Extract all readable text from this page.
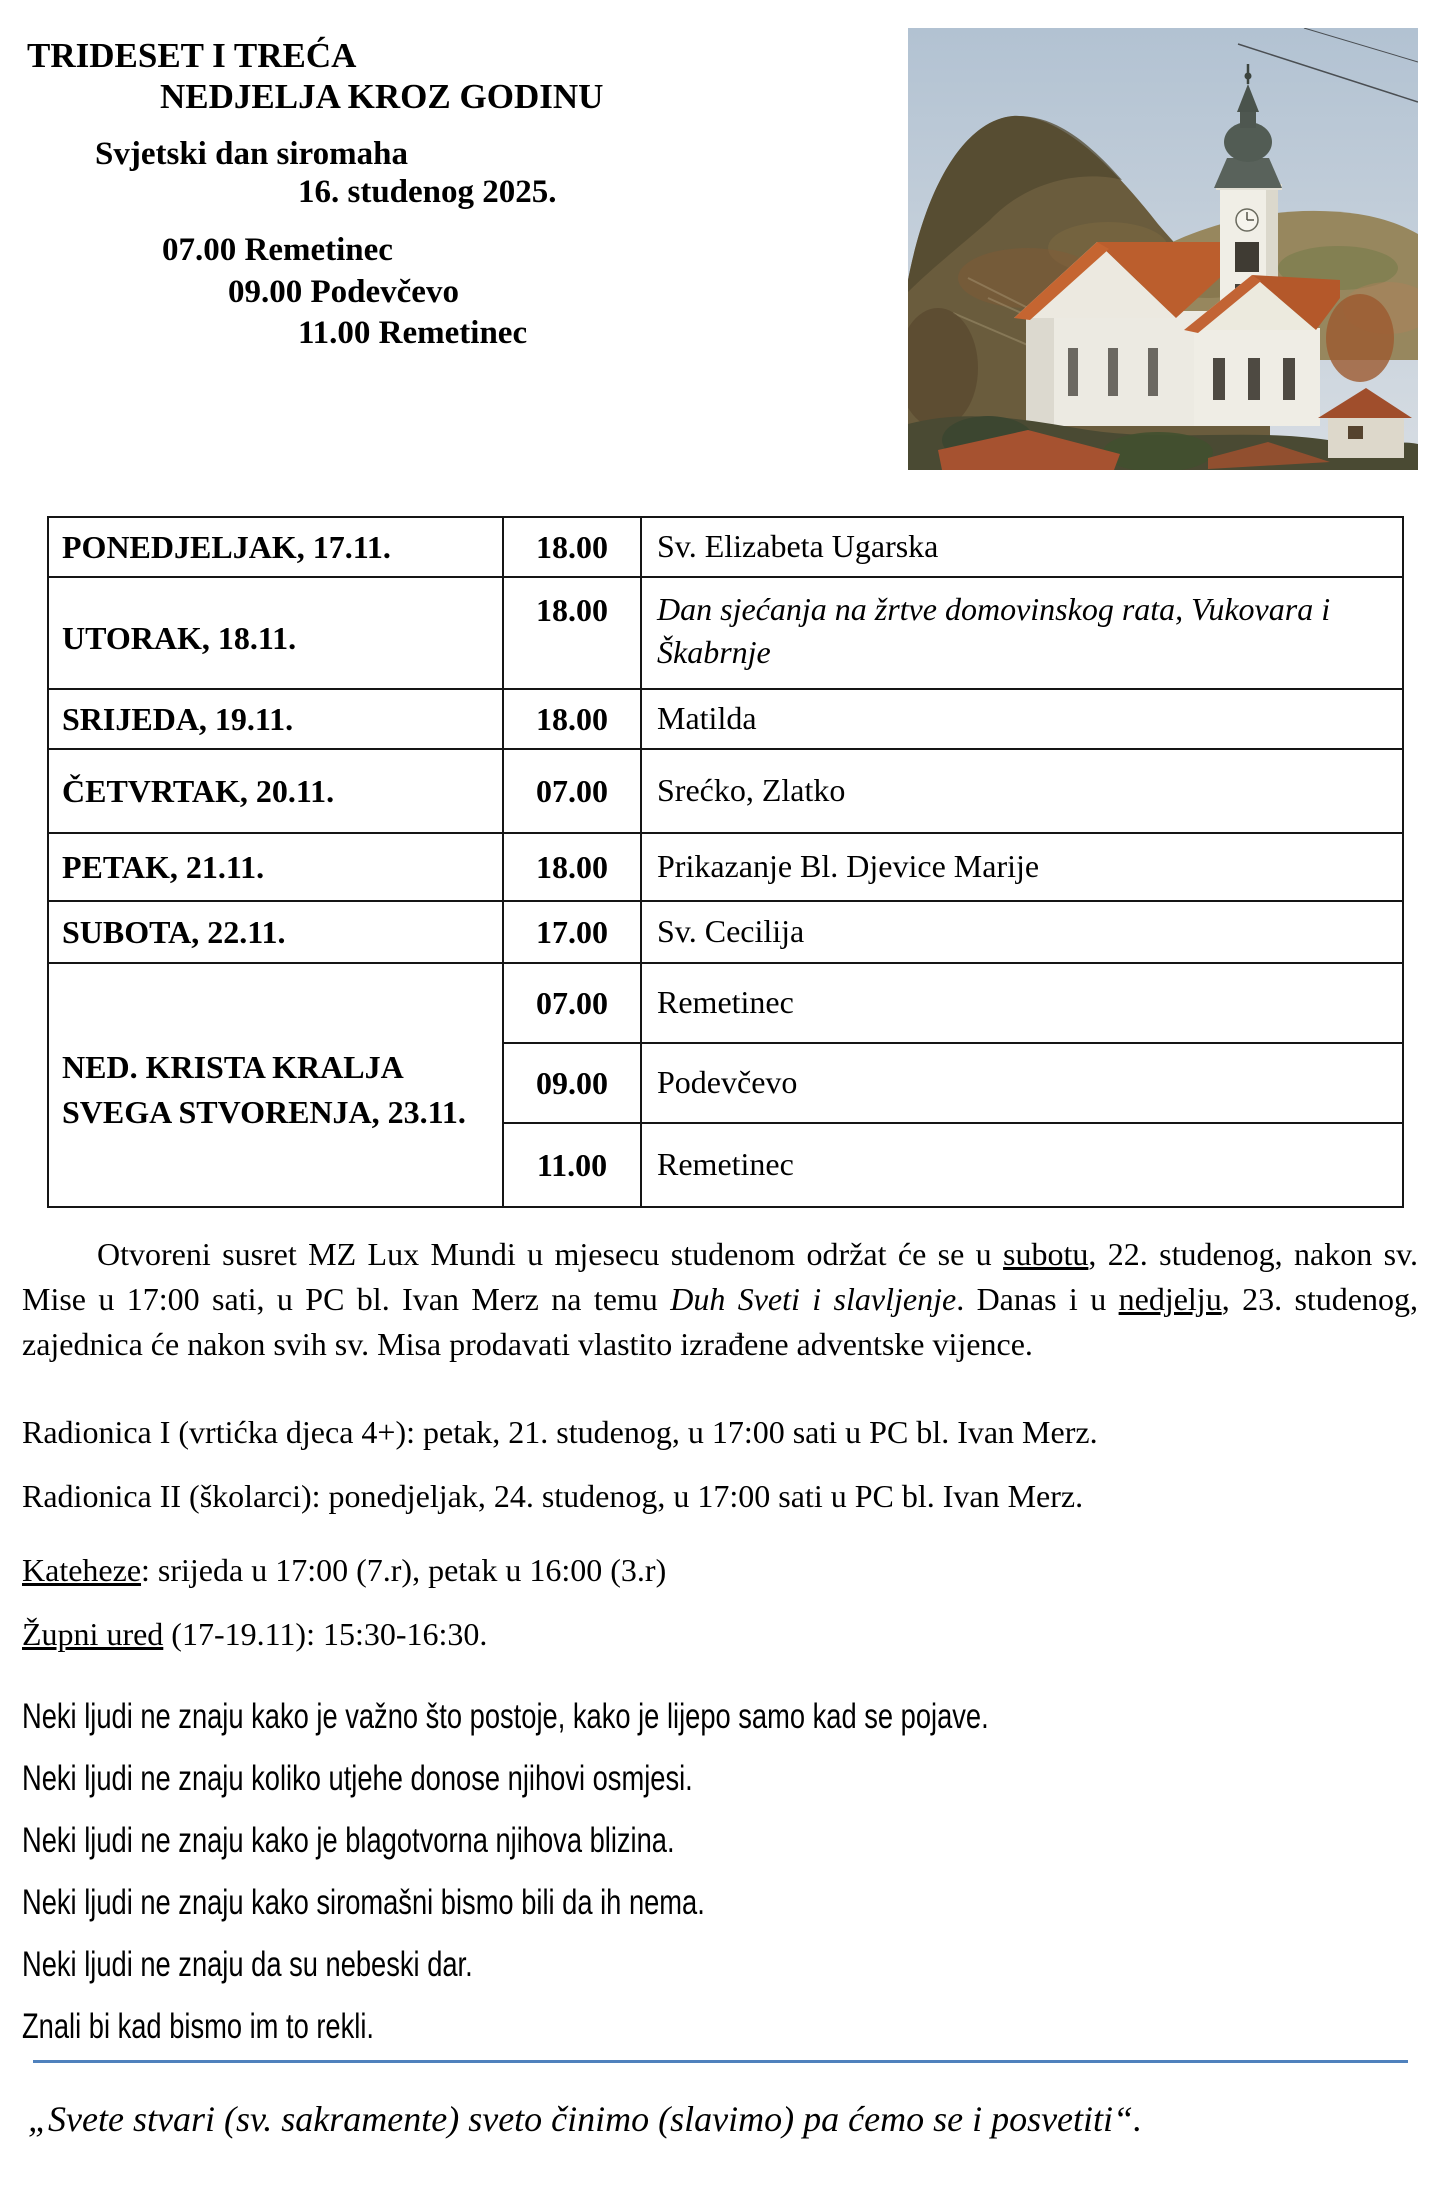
TRIDESET I TREĆA
NEDJELJA KROZ GODINU
Svjetski dan siromaha
16. studenog 2025.
07.00 Remetinec
09.00 Podevčevo
11.00 Remetinec
PONEDJELJAK, 17.11.	18.00	Sv. Elizabeta Ugarska
UTORAK, 18.11.	18.00	Dan sjećanja na žrtve domovinskog rata, Vukovara i Škabrnje
SRIJEDA, 19.11.	18.00	Matilda
ČETVRTAK, 20.11.	07.00	Srećko, Zlatko
PETAK, 21.11.	18.00	Prikazanje Bl. Djevice Marije
SUBOTA, 22.11.	17.00	Sv. Cecilija
NED. KRISTA KRALJA SVEGA STVORENJA, 23.11.	07.00	Remetinec
	09.00	Podevčevo
	11.00	Remetinec
Otvoreni susret MZ Lux Mundi u mjesecu studenom održat će se u subotu, 22. studenog, nakon sv. Mise u 17:00 sati, u PC bl. Ivan Merz na temu Duh Sveti i slavljenje. Danas i u nedjelju, 23. studenog, zajednica će nakon svih sv. Misa prodavati vlastito izrađene adventske vijence.
Radionica I (vrtićka djeca 4+): petak, 21. studenog, u 17:00 sati u PC bl. Ivan Merz.
Radionica II (školarci): ponedjeljak, 24. studenog, u 17:00 sati u PC bl. Ivan Merz.
Kateheze: srijeda u 17:00 (7.r), petak u 16:00 (3.r)
Župni ured (17-19.11): 15:30-16:30.
Neki ljudi ne znaju kako je važno što postoje, kako je lijepo samo kad se pojave.
Neki ljudi ne znaju koliko utjehe donose njihovi osmjesi.
Neki ljudi ne znaju kako je blagotvorna njihova blizina.
Neki ljudi ne znaju kako siromašni bismo bili da ih nema.
Neki ljudi ne znaju da su nebeski dar.
Znali bi kad bismo im to rekli.
„Svete stvari (sv. sakramente) sveto činimo (slavimo) pa ćemo se i posvetiti“.
